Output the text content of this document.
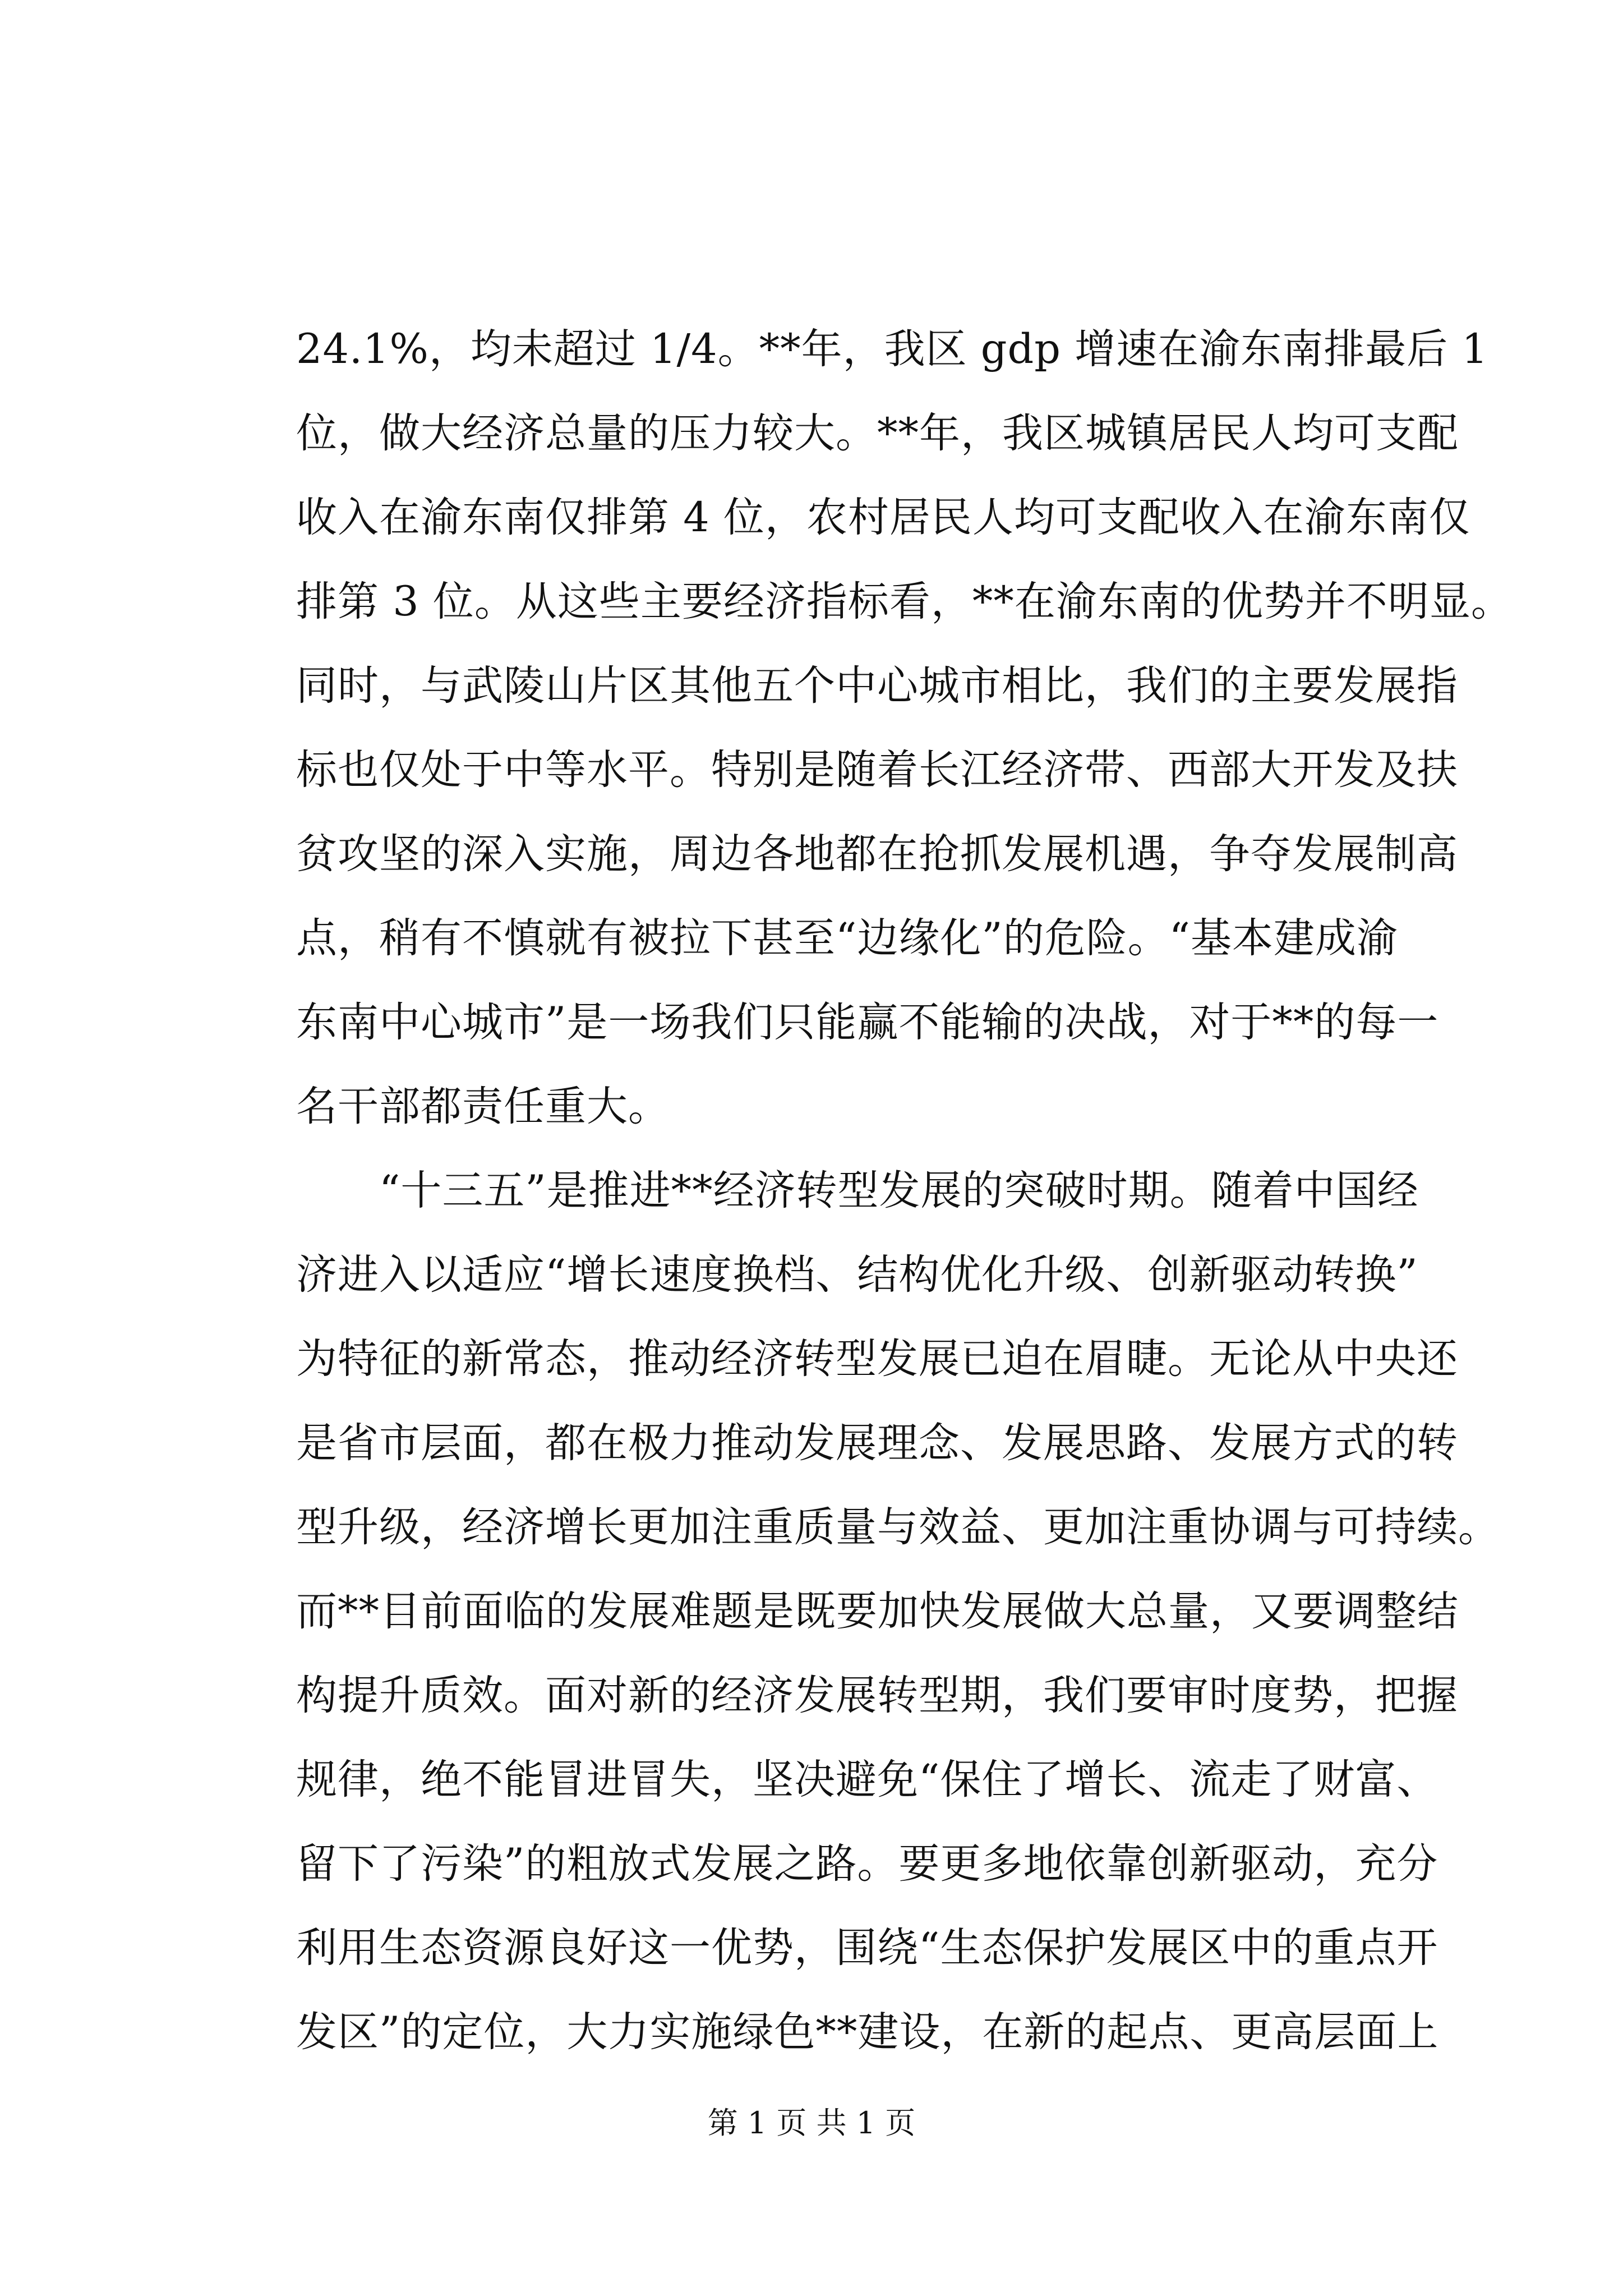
24.1%，均未超过 1/4。**年，我区 gdp 增速在渝东南排最后 1
位，做大经济总量的压力较大。**年，我区城镇居民人均可支配
收入在渝东南仅排第 4 位，农村居民人均可支配收入在渝东南仅
排第 3 位。从这些主要经济指标看，**在渝东南的优势并不明显。
同时，与武陵山片区其他五个中心城市相比，我们的主要发展指
标也仅处于中等水平。特别是随着长江经济带、西部大开发及扶
贫攻坚的深入实施，周边各地都在抢抓发展机遇，争夺发展制高
点，稍有不慎就有被拉下甚至“边缘化”的危险。“基本建成渝
东南中心城市”是一场我们只能赢不能输的决战，对于**的每一
名干部都责任重大。
　　“十三五”是推进**经济转型发展的突破时期。随着中国经
济进入以适应“增长速度换档、结构优化升级、创新驱动转换”
为特征的新常态，推动经济转型发展已迫在眉睫。无论从中央还
是省市层面，都在极力推动发展理念、发展思路、发展方式的转
型升级，经济增长更加注重质量与效益、更加注重协调与可持续。
而**目前面临的发展难题是既要加快发展做大总量，又要调整结
构提升质效。面对新的经济发展转型期，我们要审时度势，把握
规律，绝不能冒进冒失，坚决避免“保住了增长、流走了财富、
留下了污染”的粗放式发展之路。要更多地依靠创新驱动，充分
利用生态资源良好这一优势，围绕“生态保护发展区中的重点开
发区”的定位，大力实施绿色**建设，在新的起点、更高层面上
第 1 页 共 1 页
